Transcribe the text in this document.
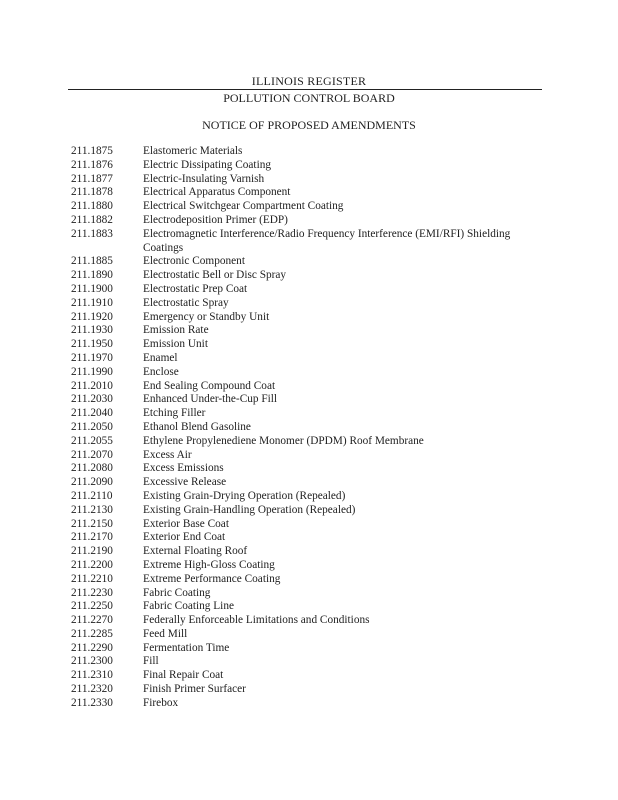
ILLINOIS REGISTER
POLLUTION CONTROL BOARD
NOTICE OF PROPOSED AMENDMENTS
211.1875	Elastomeric Materials
211.1876	Electric Dissipating Coating
211.1877	Electric-Insulating Varnish
211.1878	Electrical Apparatus Component
211.1880	Electrical Switchgear Compartment Coating
211.1882	Electrodeposition Primer (EDP)
211.1883	Electromagnetic Interference/Radio Frequency Interference (EMI/RFI) Shielding Coatings
211.1885	Electronic Component
211.1890	Electrostatic Bell or Disc Spray
211.1900	Electrostatic Prep Coat
211.1910	Electrostatic Spray
211.1920	Emergency or Standby Unit
211.1930	Emission Rate
211.1950	Emission Unit
211.1970	Enamel
211.1990	Enclose
211.2010	End Sealing Compound Coat
211.2030	Enhanced Under-the-Cup Fill
211.2040	Etching Filler
211.2050	Ethanol Blend Gasoline
211.2055	Ethylene Propylenediene Monomer (DPDM) Roof Membrane
211.2070	Excess Air
211.2080	Excess Emissions
211.2090	Excessive Release
211.2110	Existing Grain-Drying Operation (Repealed)
211.2130	Existing Grain-Handling Operation (Repealed)
211.2150	Exterior Base Coat
211.2170	Exterior End Coat
211.2190	External Floating Roof
211.2200	Extreme High-Gloss Coating
211.2210	Extreme Performance Coating
211.2230	Fabric Coating
211.2250	Fabric Coating Line
211.2270	Federally Enforceable Limitations and Conditions
211.2285	Feed Mill
211.2290	Fermentation Time
211.2300	Fill
211.2310	Final Repair Coat
211.2320	Finish Primer Surfacer
211.2330	Firebox
